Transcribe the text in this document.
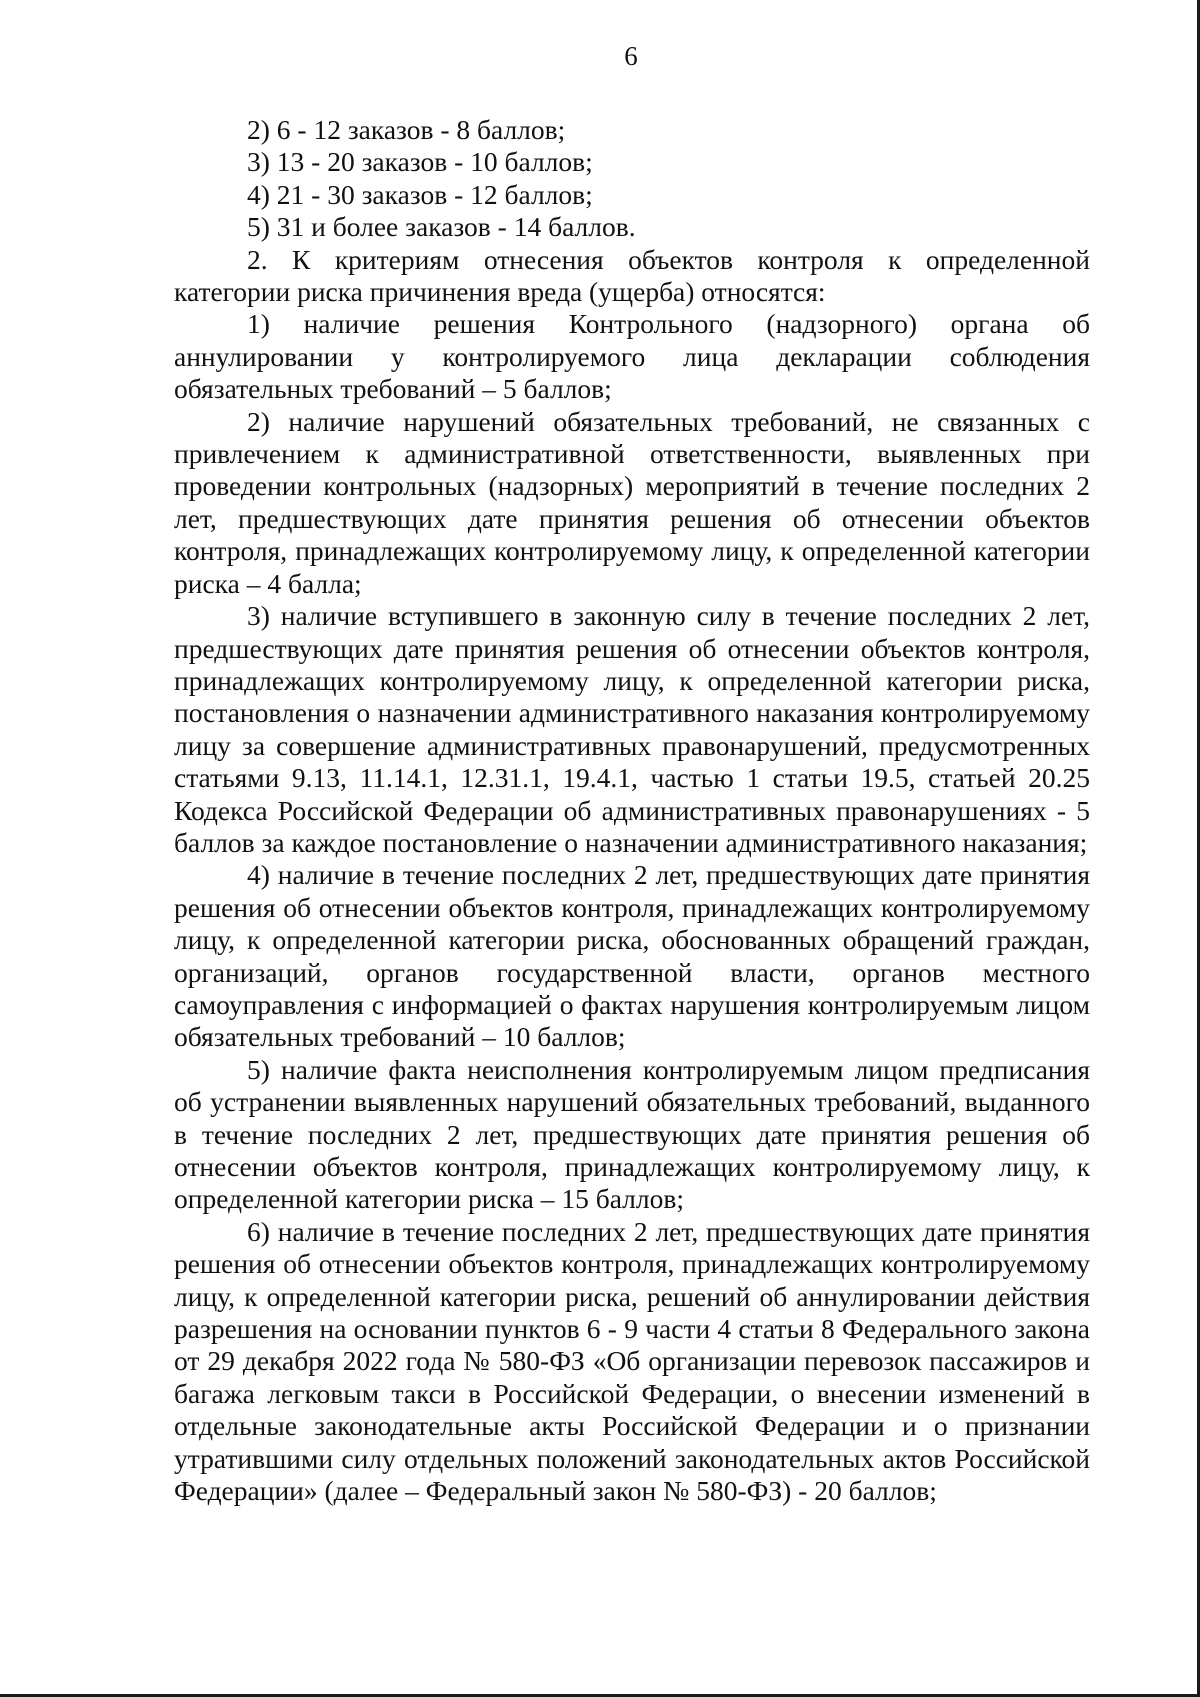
6

2) 6 - 12 заказов - 8 баллов;

3) 13 - 20 заказов - 10 баллов;

4) 21 - 30 заказов - 12 баллов;

5) 31 и более заказов - 14 баллов.

2. К критериям отнесения объектов контроля к определенной категории риска причинения вреда (ущерба) относятся:

1) наличие решения Контрольного (надзорного) органа об аннулировании у контролируемого лица декларации соблюдения обязательных требований – 5 баллов;

2) наличие нарушений обязательных требований, не связанных с привлечением к административной ответственности, выявленных при проведении контрольных (надзорных) мероприятий в течение последних 2 лет, предшествующих дате принятия решения об отнесении объектов контроля, принадлежащих контролируемому лицу, к определенной категории риска – 4 балла;

3) наличие вступившего в законную силу в течение последних 2 лет, предшествующих дате принятия решения об отнесении объектов контроля, принадлежащих контролируемому лицу, к определенной категории риска, постановления о назначении административного наказания контролируемому лицу за совершение административных правонарушений, предусмотренных статьями 9.13, 11.14.1, 12.31.1, 19.4.1, частью 1 статьи 19.5, статьей 20.25 Кодекса Российской Федерации об административных правонарушениях - 5 баллов за каждое постановление о назначении административного наказания;

4) наличие в течение последних 2 лет, предшествующих дате принятия решения об отнесении объектов контроля, принадлежащих контролируемому лицу, к определенной категории риска, обоснованных обращений граждан, организаций, органов государственной власти, органов местного самоуправления с информацией о фактах нарушения контролируемым лицом обязательных требований – 10 баллов;

5) наличие факта неисполнения контролируемым лицом предписания об устранении выявленных нарушений обязательных требований, выданного в течение последних 2 лет, предшествующих дате принятия решения об отнесении объектов контроля, принадлежащих контролируемому лицу, к определенной категории риска – 15 баллов;

6) наличие в течение последних 2 лет, предшествующих дате принятия решения об отнесении объектов контроля, принадлежащих контролируемому лицу, к определенной категории риска, решений об аннулировании действия разрешения на основании пунктов 6 - 9 части 4 статьи 8 Федерального закона от 29 декабря 2022 года № 580-ФЗ «Об организации перевозок пассажиров и багажа легковым такси в Российской Федерации, о внесении изменений в отдельные законодательные акты Российской Федерации и о признании утратившими силу отдельных положений законодательных актов Российской Федерации» (далее – Федеральный закон № 580-ФЗ) - 20 баллов;
